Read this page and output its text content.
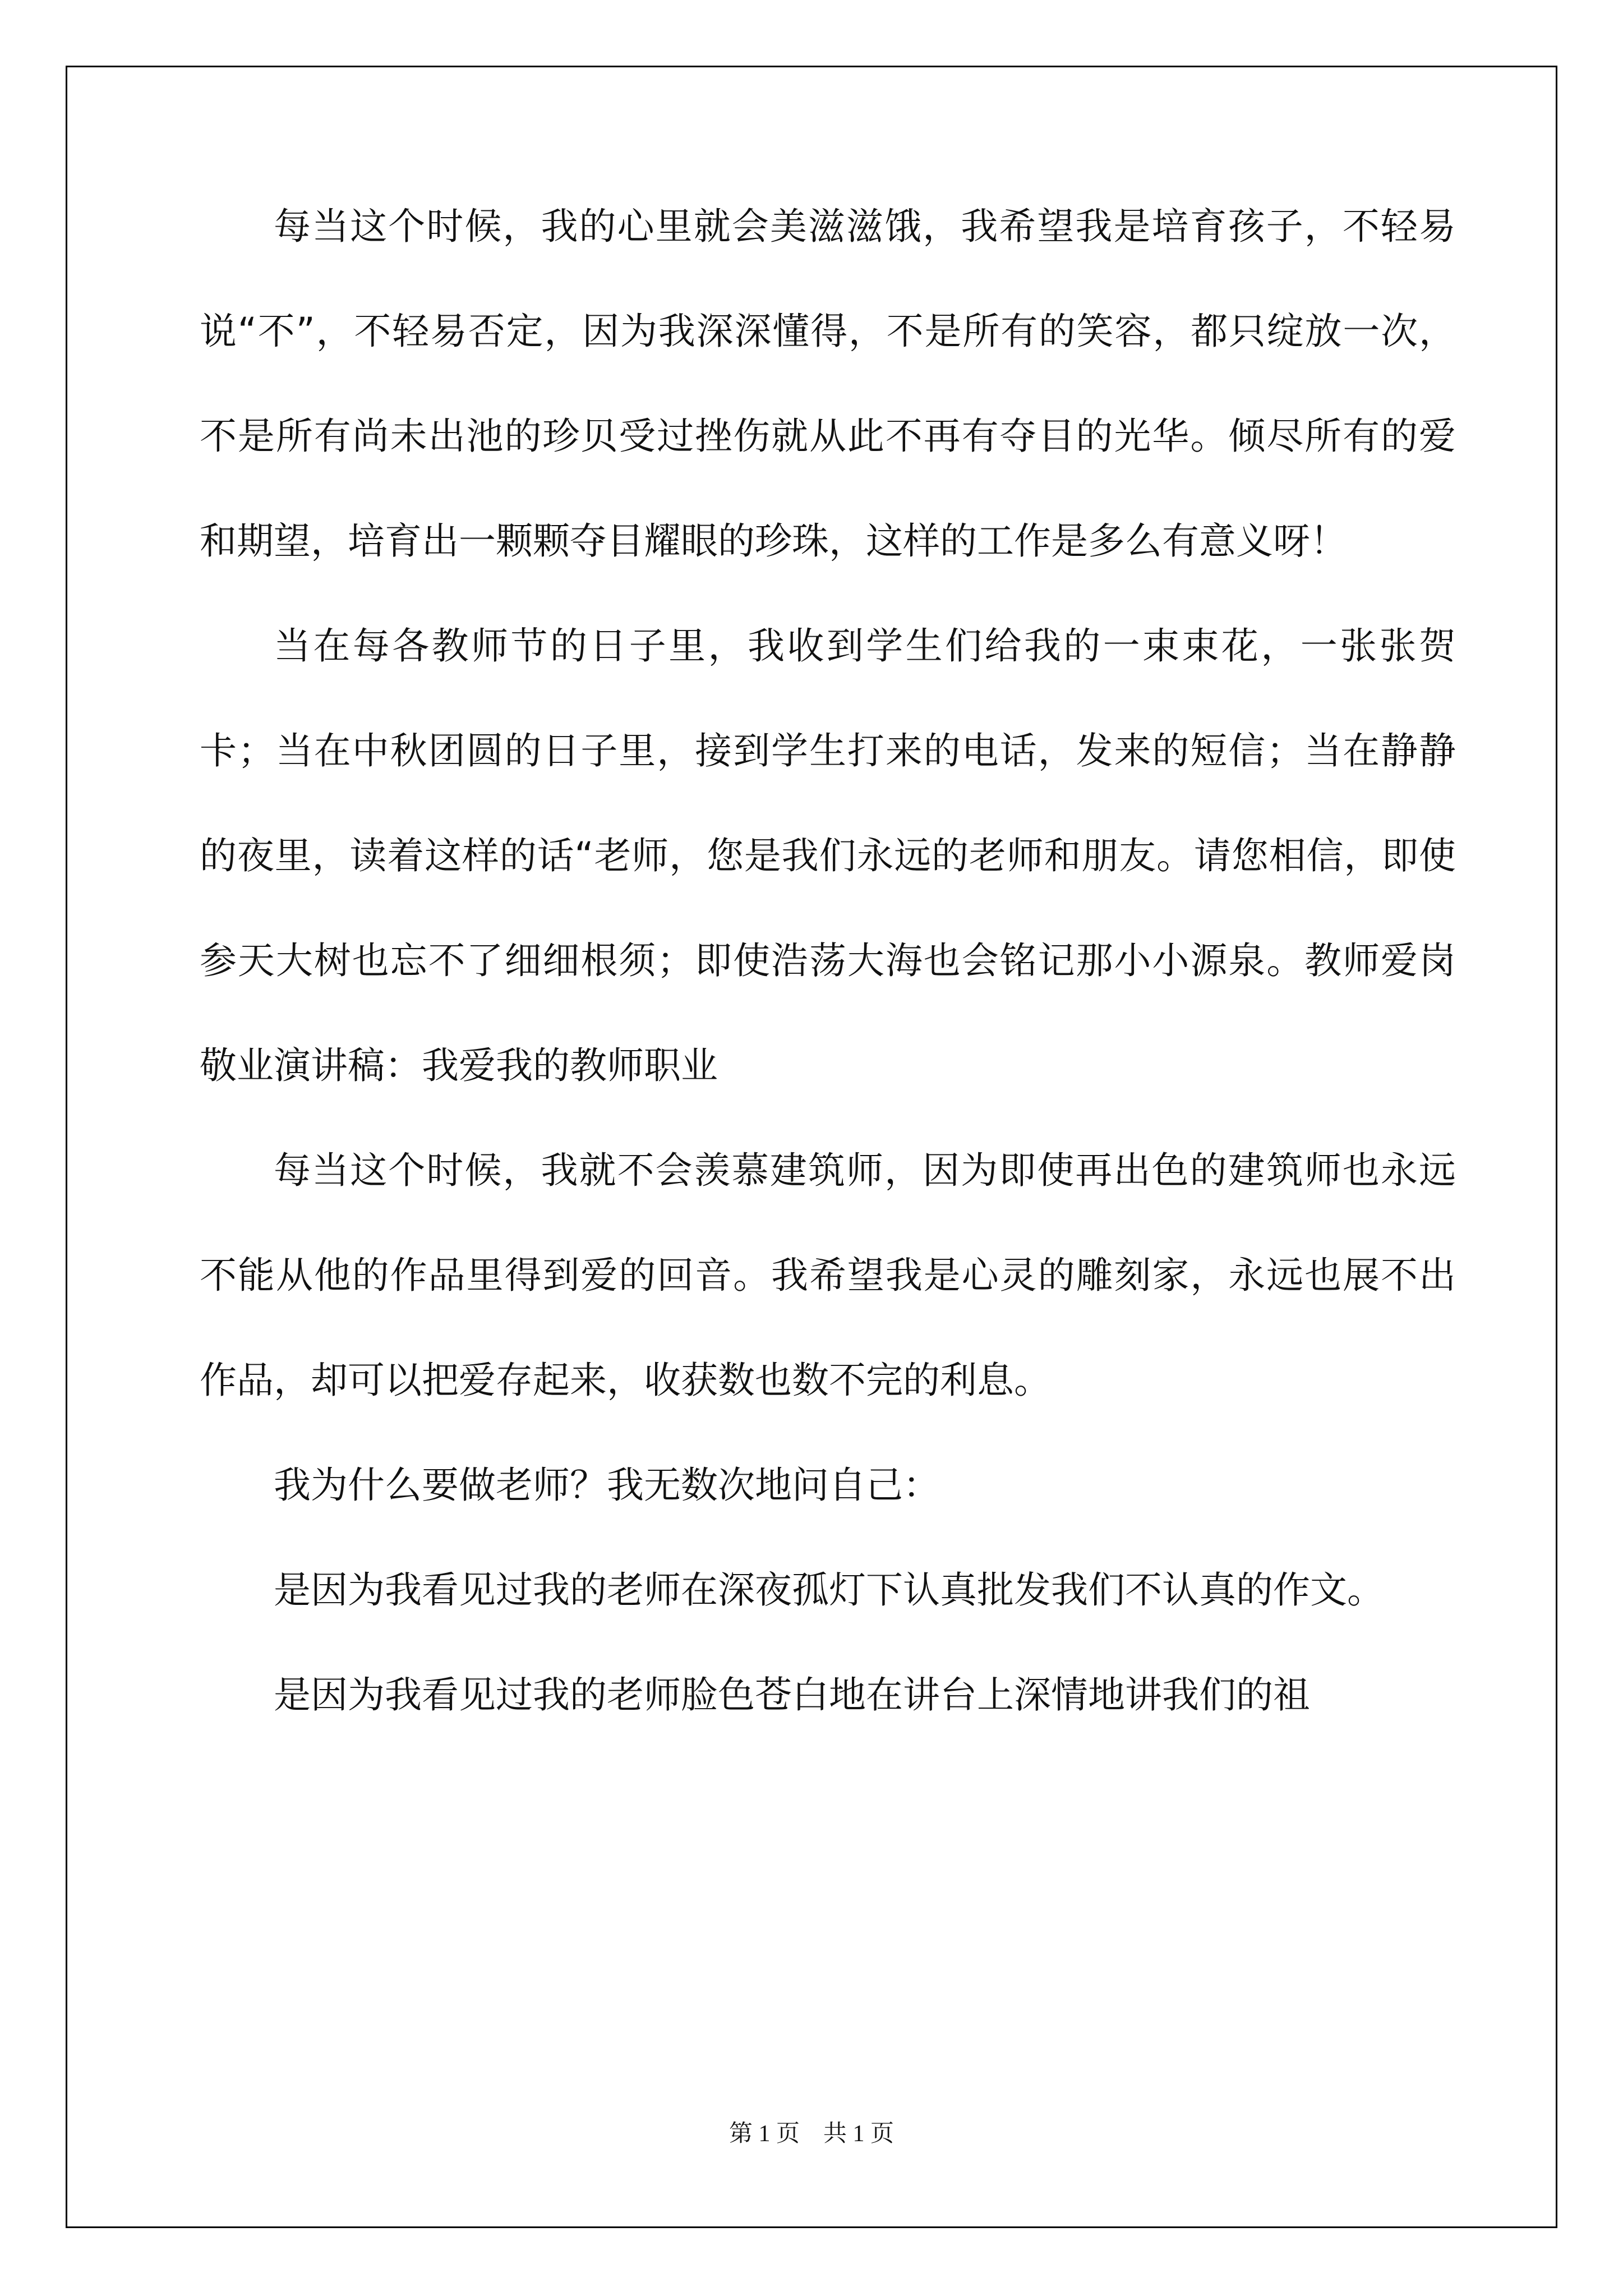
每当这个时候，我的心里就会美滋滋饿，我希望我是培育孩子，不轻易说“不”，不轻易否定，因为我深深懂得，不是所有的笑容，都只绽放一次，不是所有尚未出池的珍贝受过挫伤就从此不再有夺目的光华。倾尽所有的爱和期望，培育出一颗颗夺目耀眼的珍珠，这样的工作是多么有意义呀！

当在每各教师节的日子里，我收到学生们给我的一束束花，一张张贺卡；当在中秋团圆的日子里，接到学生打来的电话，发来的短信；当在静静的夜里，读着这样的话“老师，您是我们永远的老师和朋友。请您相信，即使参天大树也忘不了细细根须；即使浩荡大海也会铭记那小小源泉。教师爱岗敬业演讲稿：我爱我的教师职业

每当这个时候，我就不会羡慕建筑师，因为即使再出色的建筑师也永远不能从他的作品里得到爱的回音。我希望我是心灵的雕刻家，永远也展不出作品，却可以把爱存起来，收获数也数不完的利息。

我为什么要做老师？我无数次地问自己：

是因为我看见过我的老师在深夜孤灯下认真批发我们不认真的作文。

是因为我看见过我的老师脸色苍白地在讲台上深情地讲我们的祖

第 1 页    共 1 页
